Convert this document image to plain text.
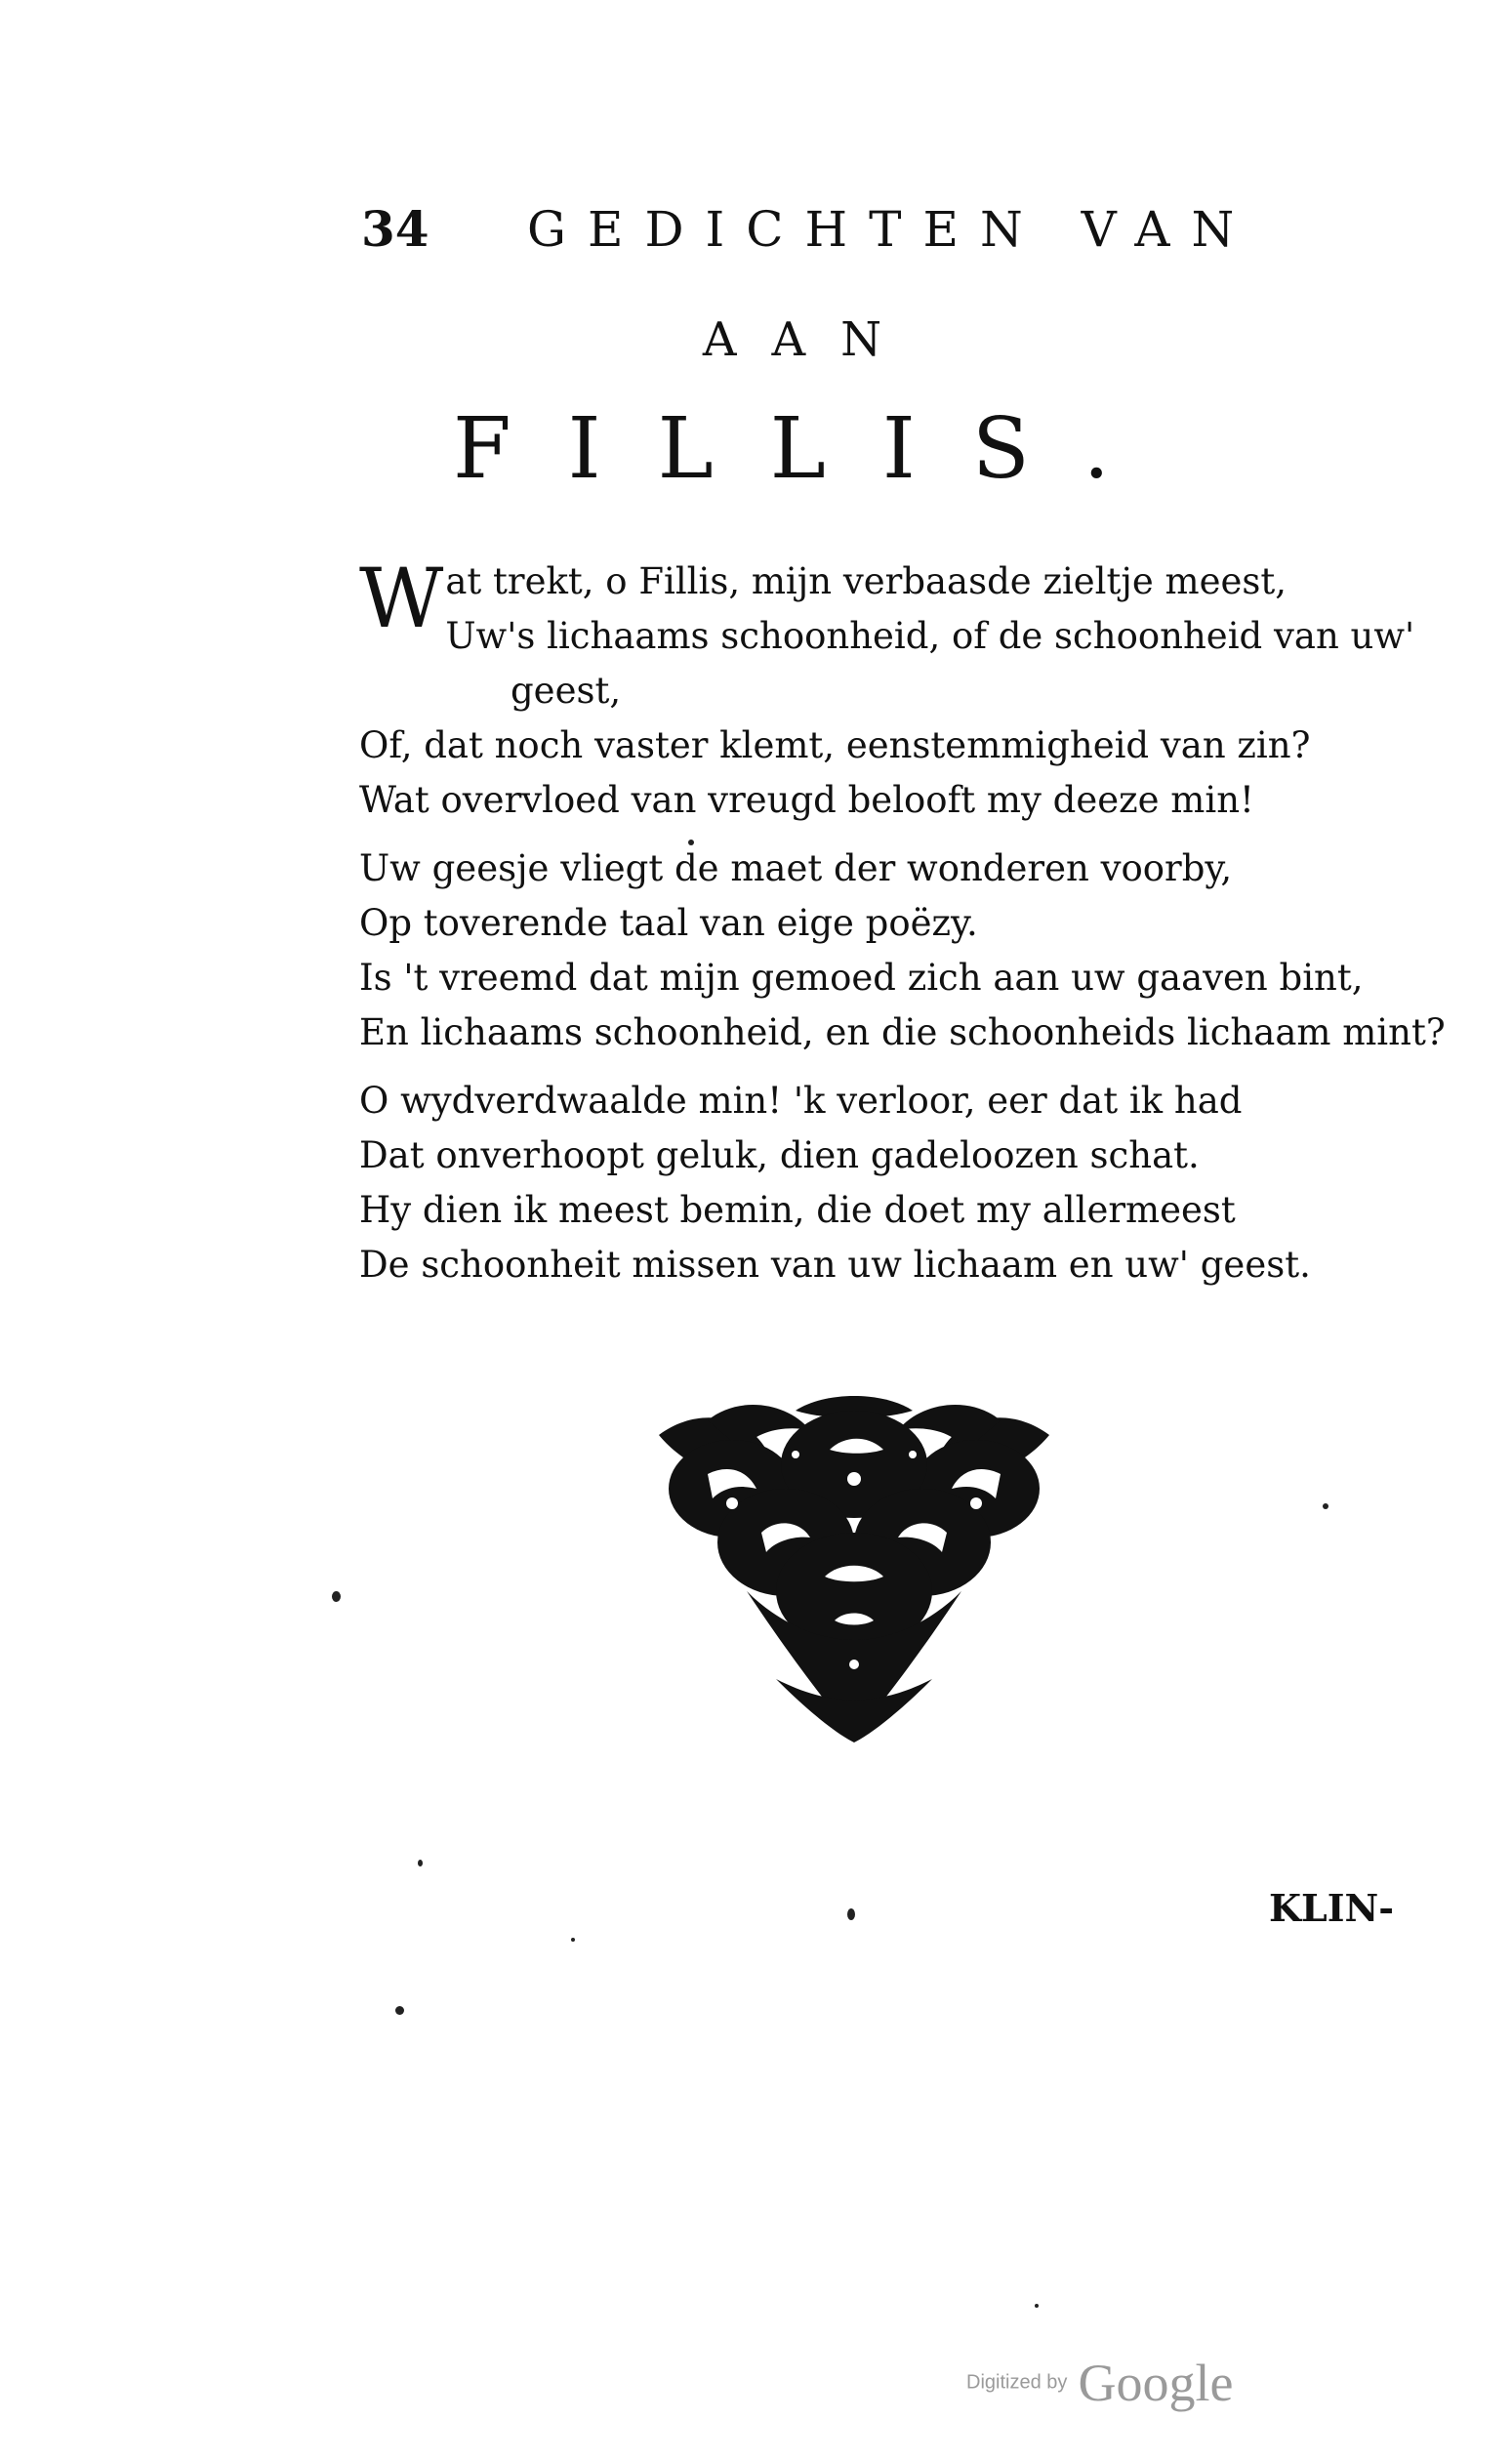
34 GEDICHTEN VAN
AAN
FILLIS.
W at trekt, o Fillis, mijn verbaasde zieltje meest,
Uw's lichaams schoonheid, of de schoonheid van uw'
geest,
Of, dat noch vaster klemt, eenstemmigheid van zin?
Wat overvloed van vreugd belooft my deeze min!
Uw geesje vliegt de maet der wonderen voorby,
Op toverende taal van eige poëzy.
Is 't vreemd dat mijn gemoed zich aan uw gaaven bint,
En lichaams schoonheid, en die schoonheids lichaam mint?
O wydverdwaalde min! 'k verloor, eer dat ik had
Dat onverhoopt geluk, dien gadeloozen schat.
Hy dien ik meest bemin, die doet my allermeest
De schoonheit missen van uw lichaam en uw' geest.
KLIN-
Digitized by Google
